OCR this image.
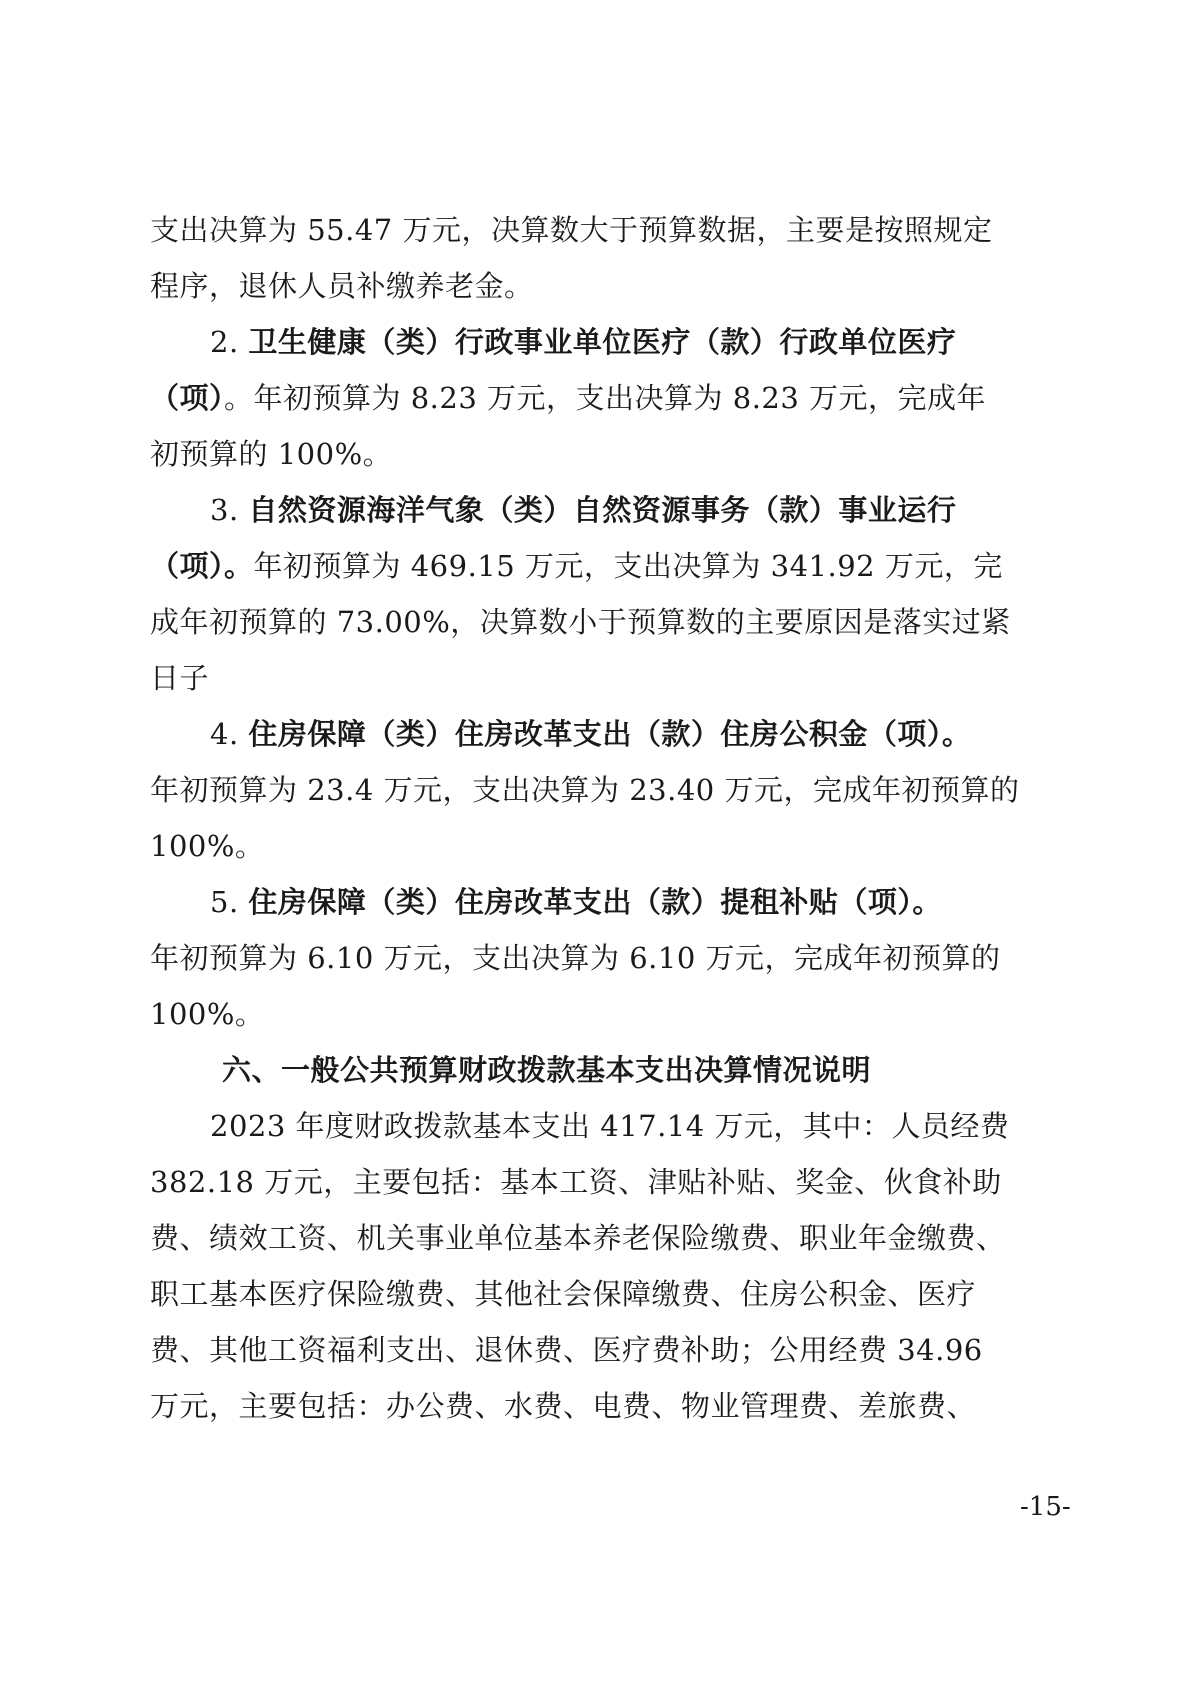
支出决算为 55.47 万元，决算数大于预算数据，主要是按照规定
程序，退休人员补缴养老金。
2. 卫生健康（类）行政事业单位医疗（款）行政单位医疗
（项）。年初预算为 8.23 万元，支出决算为 8.23 万元，完成年
初预算的 100%。
3. 自然资源海洋气象（类）自然资源事务（款）事业运行
（项）。年初预算为 469.15 万元，支出决算为 341.92 万元，完
成年初预算的 73.00%，决算数小于预算数的主要原因是落实过紧
日子
4. 住房保障（类）住房改革支出（款）住房公积金（项）。
年初预算为 23.4 万元，支出决算为 23.40 万元，完成年初预算的
100%。
5. 住房保障（类）住房改革支出（款）提租补贴（项）。
年初预算为 6.10 万元，支出决算为 6.10 万元，完成年初预算的
100%。
六、一般公共预算财政拨款基本支出决算情况说明
2023 年度财政拨款基本支出 417.14 万元，其中：人员经费
382.18 万元，主要包括：基本工资、津贴补贴、奖金、伙食补助
费、绩效工资、机关事业单位基本养老保险缴费、职业年金缴费、
职工基本医疗保险缴费、其他社会保障缴费、住房公积金、医疗
费、其他工资福利支出、退休费、医疗费补助；公用经费 34.96
万元，主要包括：办公费、水费、电费、物业管理费、差旅费、
-15-
